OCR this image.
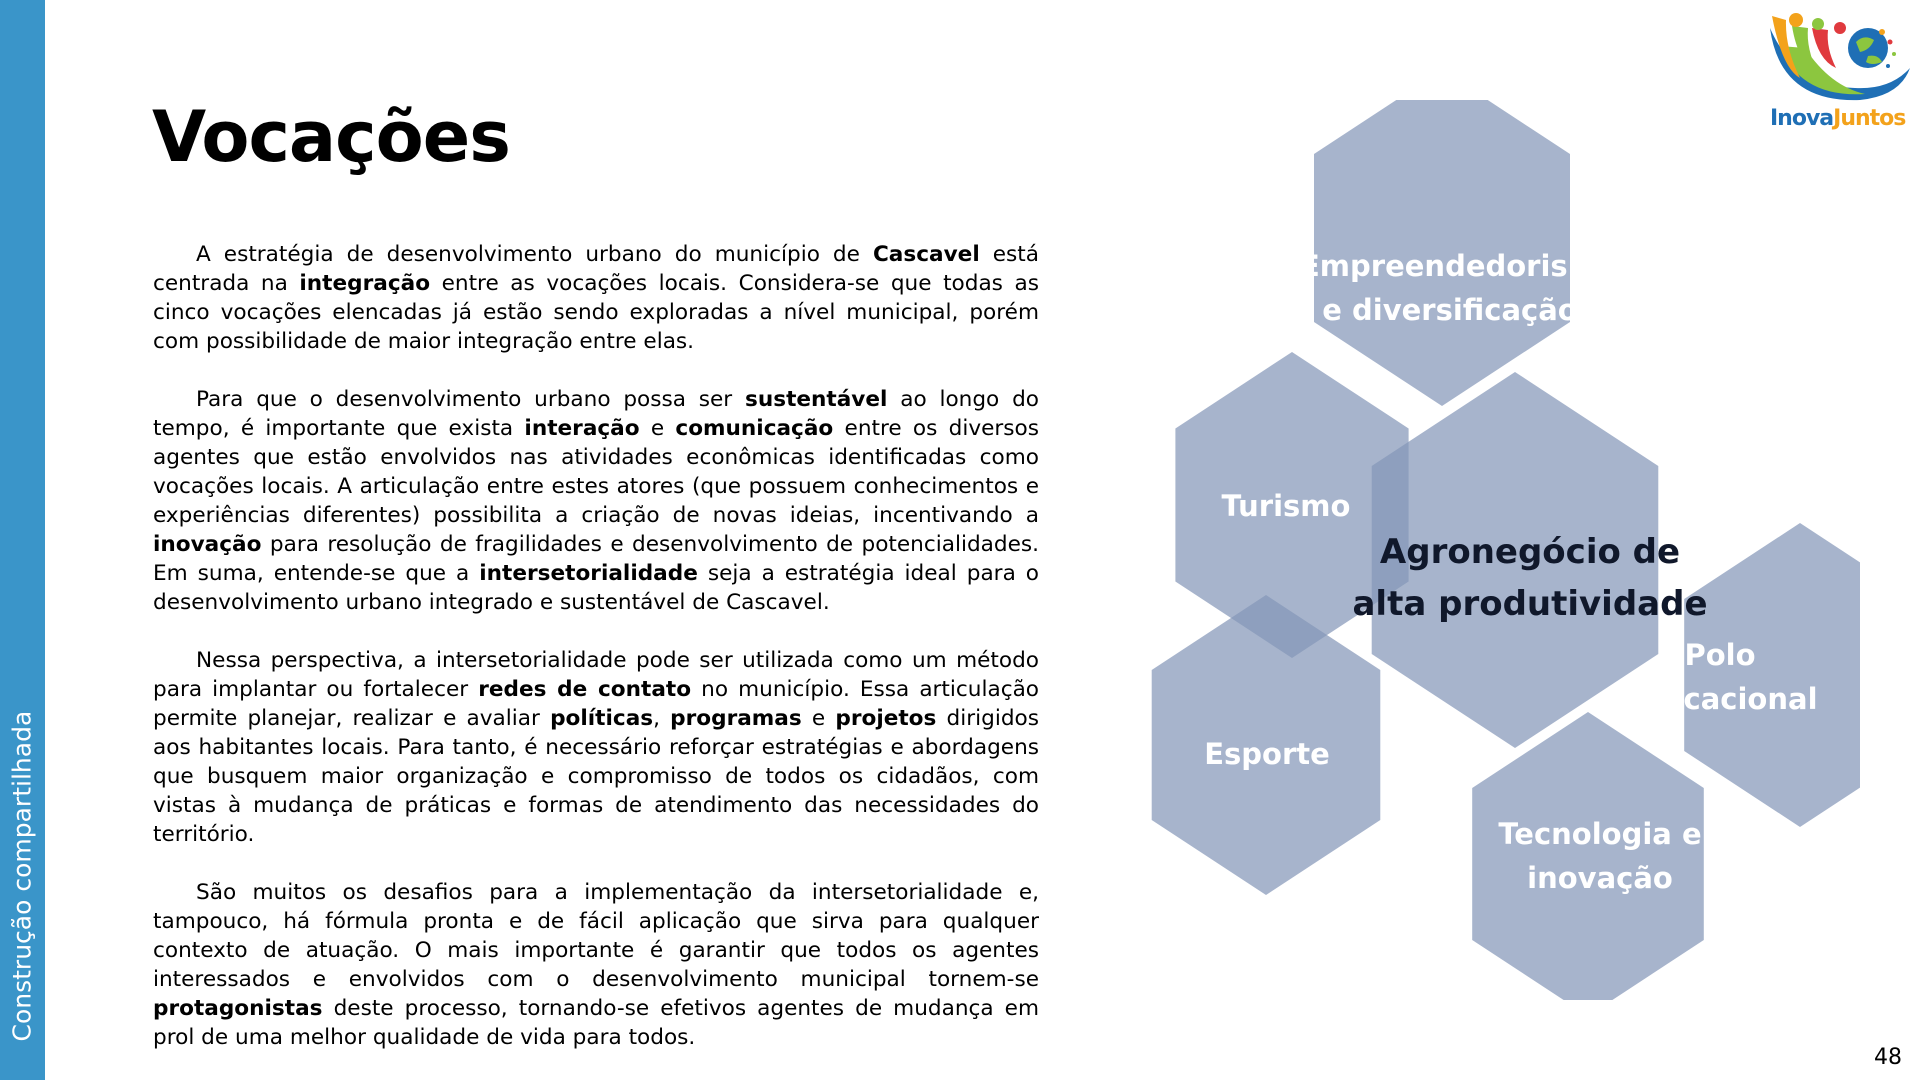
Construção compartilhada
Vocações

A estratégia de desenvolvimento urbano do município de Cascavel está centrada na integração entre as vocações locais. Considera-se que todas as cinco vocações elencadas já estão sendo exploradas a nível municipal, porém com possibilidade de maior integração entre elas.

Para que o desenvolvimento urbano possa ser sustentável ao longo do tempo, é importante que exista interação e comunicação entre os diversos agentes que estão envolvidos nas atividades econômicas identificadas como vocações locais. A articulação entre estes atores (que possuem conhecimentos e experiências diferentes) possibilita a criação de novas ideias, incentivando a inovação para resolução de fragilidades e desenvolvimento de potencialidades. Em suma, entende-se que a intersetorialidade seja a estratégia ideal para o desenvolvimento urbano integrado e sustentável de Cascavel.

Nessa perspectiva, a intersetorialidade pode ser utilizada como um método para implantar ou fortalecer redes de contato no município. Essa articulação permite planejar, realizar e avaliar políticas, programas e projetos dirigidos aos habitantes locais. Para tanto, é necessário reforçar estratégias e abordagens que busquem maior organização e compromisso de todos os cidadãos, com vistas à mudança de práticas e formas de atendimento das necessidades do território.

São muitos os desafios para a implementação da intersetorialidade e, tampouco, há fórmula pronta e de fácil aplicação que sirva para qualquer contexto de atuação. O mais importante é garantir que todos os agentes interessados e envolvidos com o desenvolvimento municipal tornem-se protagonistas deste processo, tornando-se efetivos agentes de mudança em prol de uma melhor qualidade de vida para todos.

InovaJuntos
Empreendedorismo
e diversificação
Turismo
Agronegócio de
alta produtividade
Polo
educacional
Esporte
Tecnologia e
inovação
48
